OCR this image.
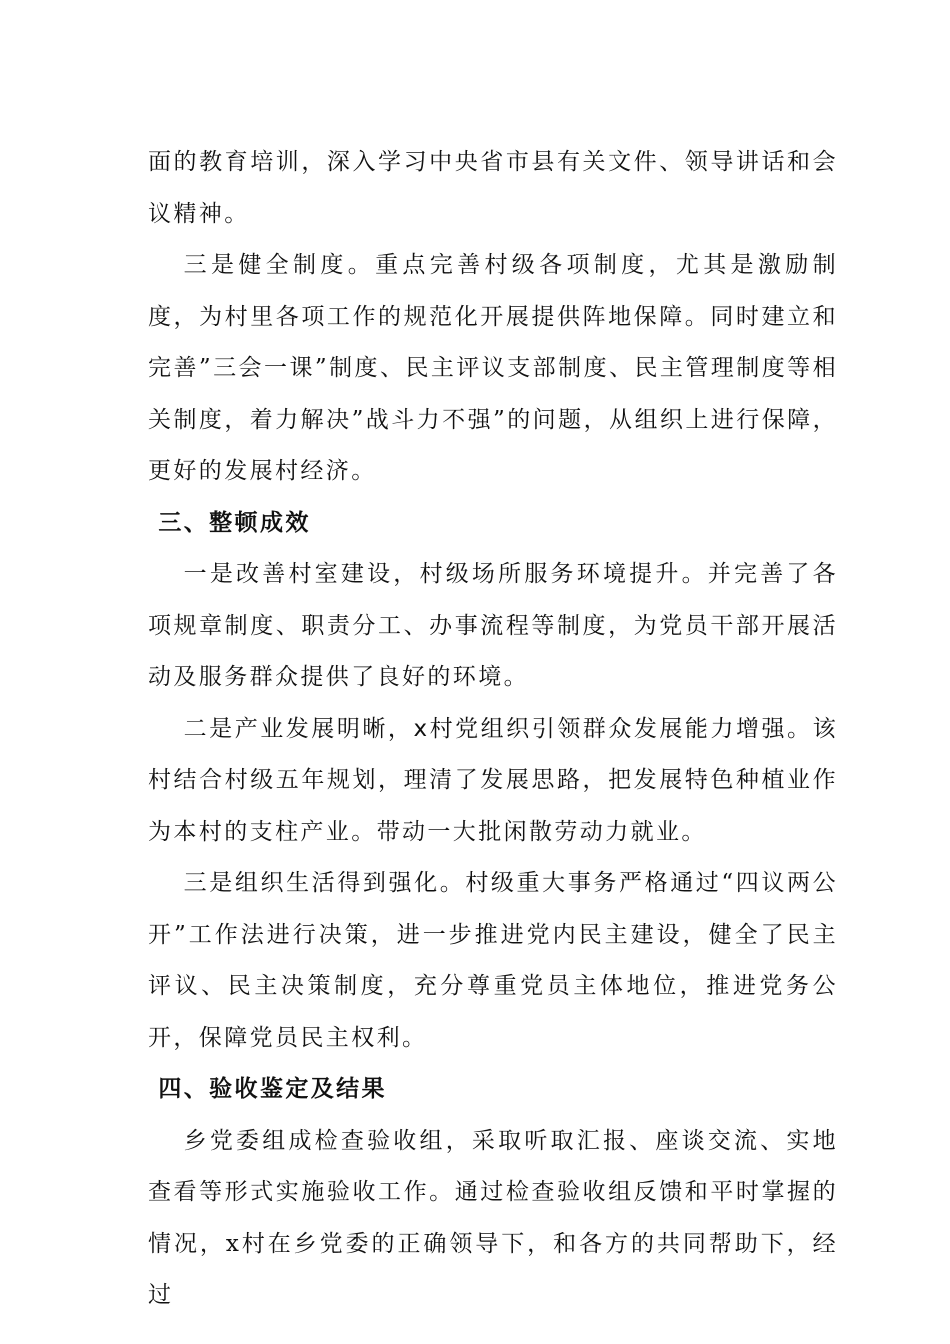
面的教育培训，深入学习中央省市县有关文件、领导讲话和会议精神。

三是健全制度。重点完善村级各项制度，尤其是激励制度，为村里各项工作的规范化开展提供阵地保障。同时建立和完善”三会一课”制度、民主评议支部制度、民主管理制度等相关制度，着力解决”战斗力不强”的问题，从组织上进行保障，更好的发展村经济。

三、整顿成效

一是改善村室建设，村级场所服务环境提升。并完善了各项规章制度、职责分工、办事流程等制度，为党员干部开展活动及服务群众提供了良好的环境。

二是产业发展明晰，x村党组织引领群众发展能力增强。该村结合村级五年规划，理清了发展思路，把发展特色种植业作为本村的支柱产业。带动一大批闲散劳动力就业。

三是组织生活得到强化。村级重大事务严格通过“四议两公开”工作法进行决策，进一步推进党内民主建设，健全了民主评议、民主决策制度，充分尊重党员主体地位，推进党务公开，保障党员民主权利。

四、验收鉴定及结果

乡党委组成检查验收组，采取听取汇报、座谈交流、实地查看等形式实施验收工作。通过检查验收组反馈和平时掌握的情况，x村在乡党委的正确领导下，和各方的共同帮助下，经过
